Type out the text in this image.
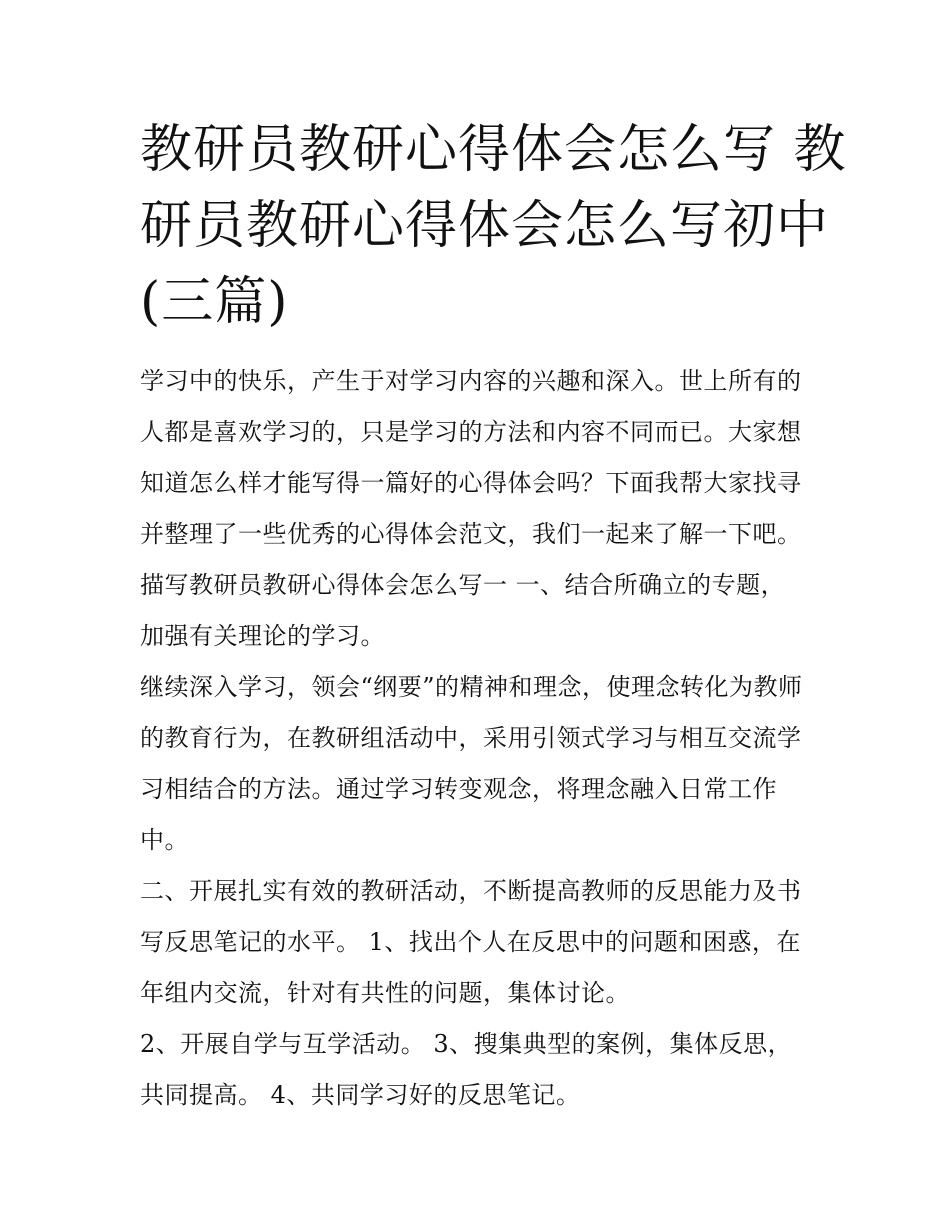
教研员教研心得体会怎么写 教
研员教研心得体会怎么写初中
(三篇)

学习中的快乐，产生于对学习内容的兴趣和深入。世上所有的
人都是喜欢学习的，只是学习的方法和内容不同而已。大家想
知道怎么样才能写得一篇好的心得体会吗？下面我帮大家找寻
并整理了一些优秀的心得体会范文，我们一起来了解一下吧。

描写教研员教研心得体会怎么写一 一、结合所确立的专题，
加强有关理论的学习。

继续深入学习，领会“纲要”的精神和理念，使理念转化为教师
的教育行为，在教研组活动中，采用引领式学习与相互交流学
习相结合的方法。通过学习转变观念，将理念融入日常工作
中。

二、开展扎实有效的教研活动，不断提高教师的反思能力及书
写反思笔记的水平。 1、找出个人在反思中的问题和困惑，在
年组内交流，针对有共性的问题，集体讨论。

2、开展自学与互学活动。 3、搜集典型的案例，集体反思，
共同提高。 4、共同学习好的反思笔记。
